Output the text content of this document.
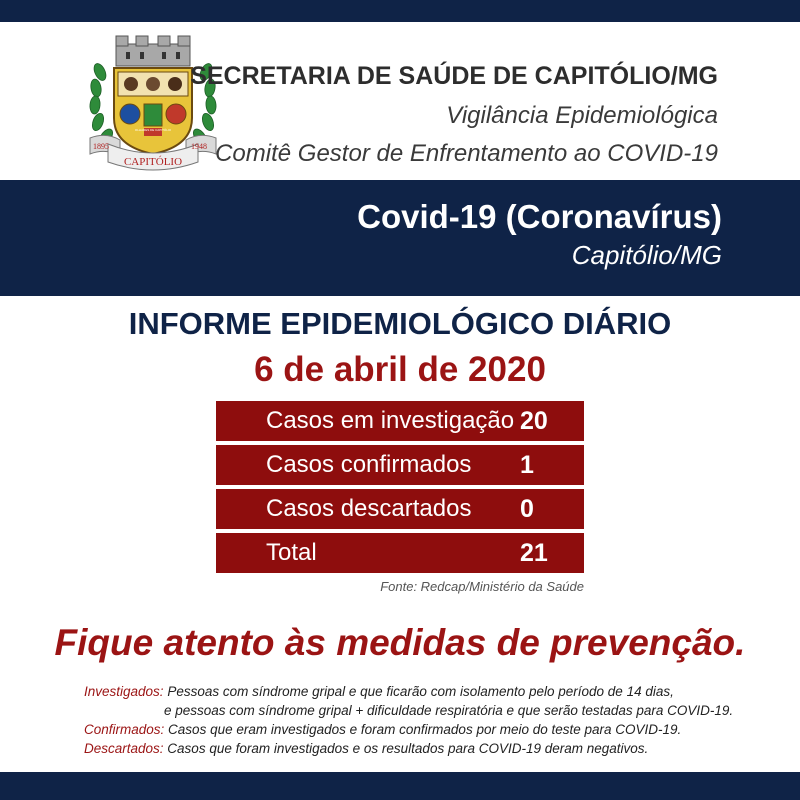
1895	1948
CAPITÓLIO
OLHARES DE CAPITÓLIO
SECRETARIA DE SAÚDE DE CAPITÓLIO/MG
Vigilância Epidemiológica
Comitê Gestor de Enfrentamento ao COVID-19
Covid-19 (Coronavírus)
Capitólio/MG
INFORME EPIDEMIOLÓGICO DIÁRIO
6 de abril de 2020
Casos em investigação 20
Casos confirmados	1
Casos descartados	0
Total	21
Fonte: Redcap/Ministério da Saúde
Fique atento às medidas de prevenção.
Investigados: Pessoas com síndrome gripal e que ficarão com isolamento pelo período de 14 dias,
e pessoas com síndrome gripal + dificuldade respiratória e que serão testadas para COVID-19.
Confirmados: Casos que eram investigados e foram confirmados por meio do teste para COVID-19.
Descartados: Casos que foram investigados e os resultados para COVID-19 deram negativos.
